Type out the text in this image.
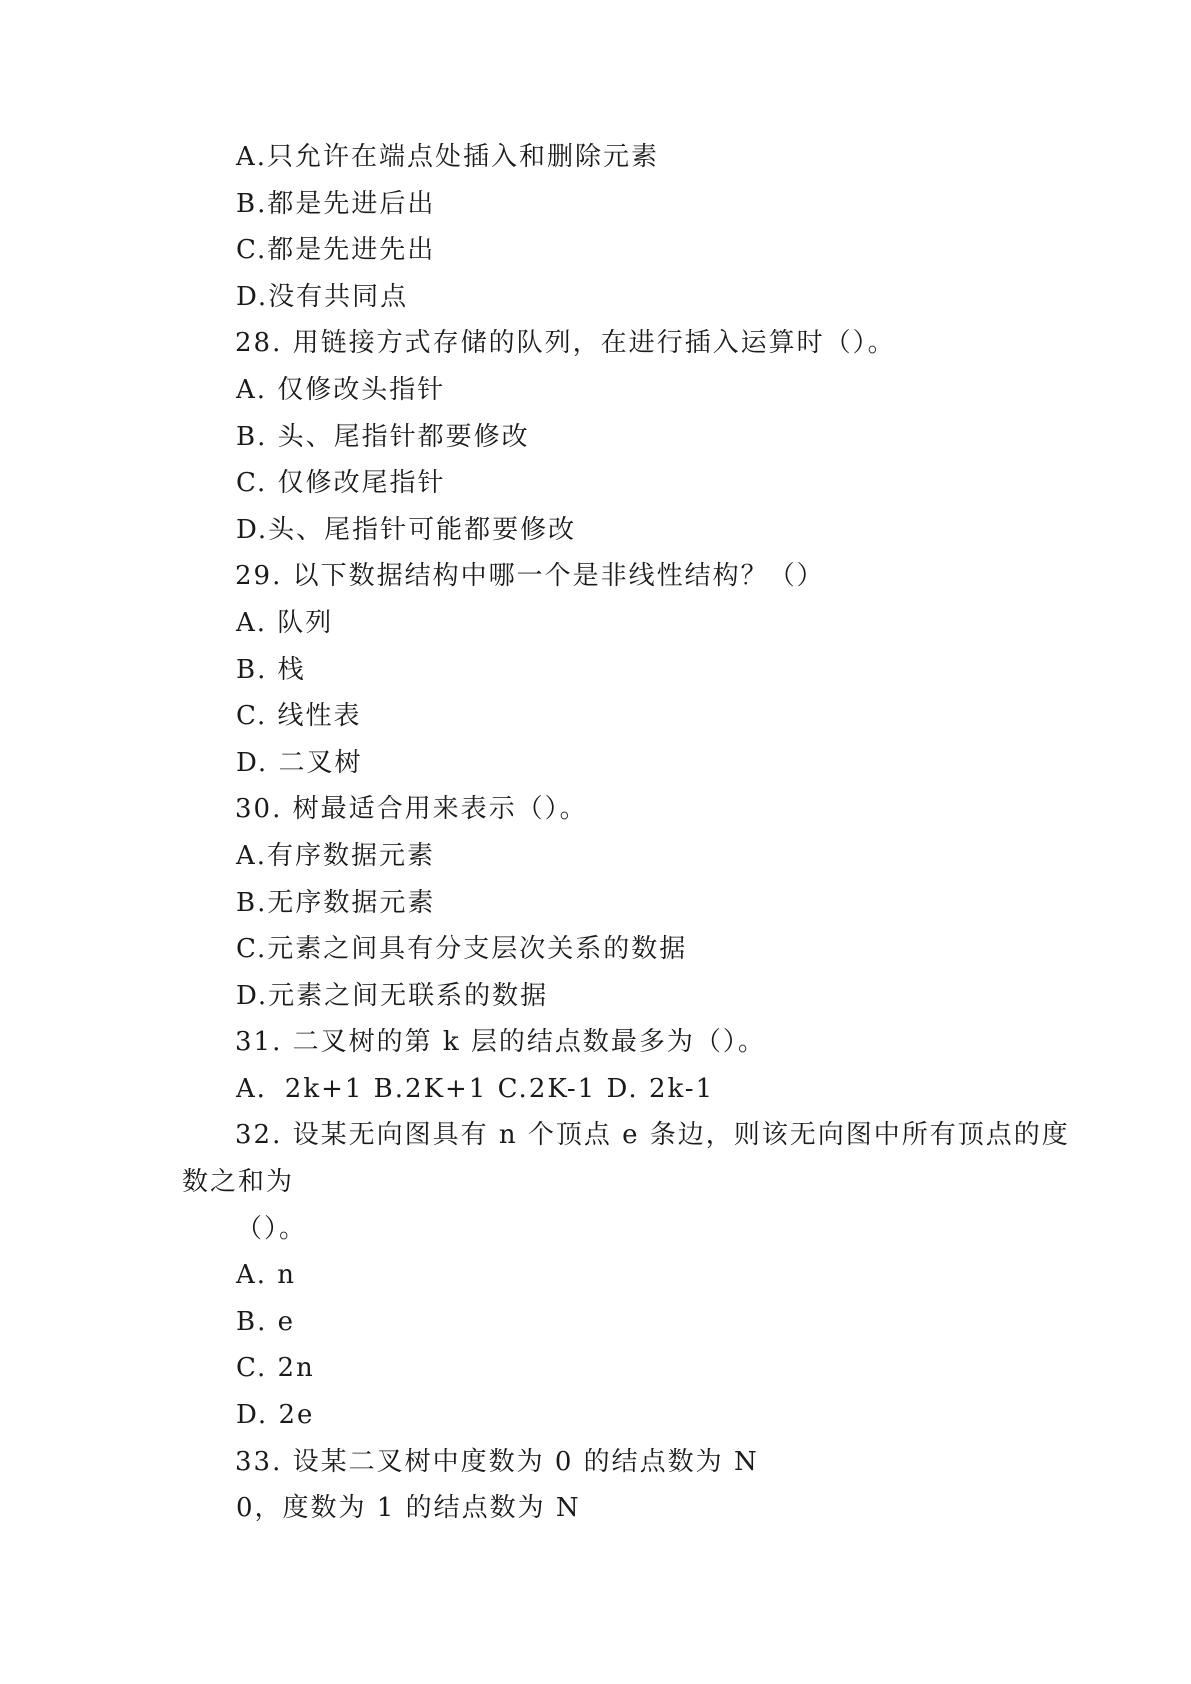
A.只允许在端点处插入和删除元素
B.都是先进后出
C.都是先进先出
D.没有共同点
28. 用链接方式存储的队列，在进行插入运算时（）。
A. 仅修改头指针
B. 头、尾指针都要修改
C. 仅修改尾指针
D.头、尾指针可能都要修改
29. 以下数据结构中哪一个是非线性结构？（）
A. 队列
B. 栈
C. 线性表
D. 二叉树
30. 树最适合用来表示（）。
A.有序数据元素
B.无序数据元素
C.元素之间具有分支层次关系的数据
D.元素之间无联系的数据
31. 二叉树的第 k 层的结点数最多为（）。
A．2k+1 B.2K+1 C.2K-1 D. 2k-1
32. 设某无向图具有 n 个顶点 e 条边，则该无向图中所有顶点的度
数之和为
（）。
A. n
B. e
C. 2n
D. 2e
33. 设某二叉树中度数为 0 的结点数为 N
0，度数为 1 的结点数为 N
